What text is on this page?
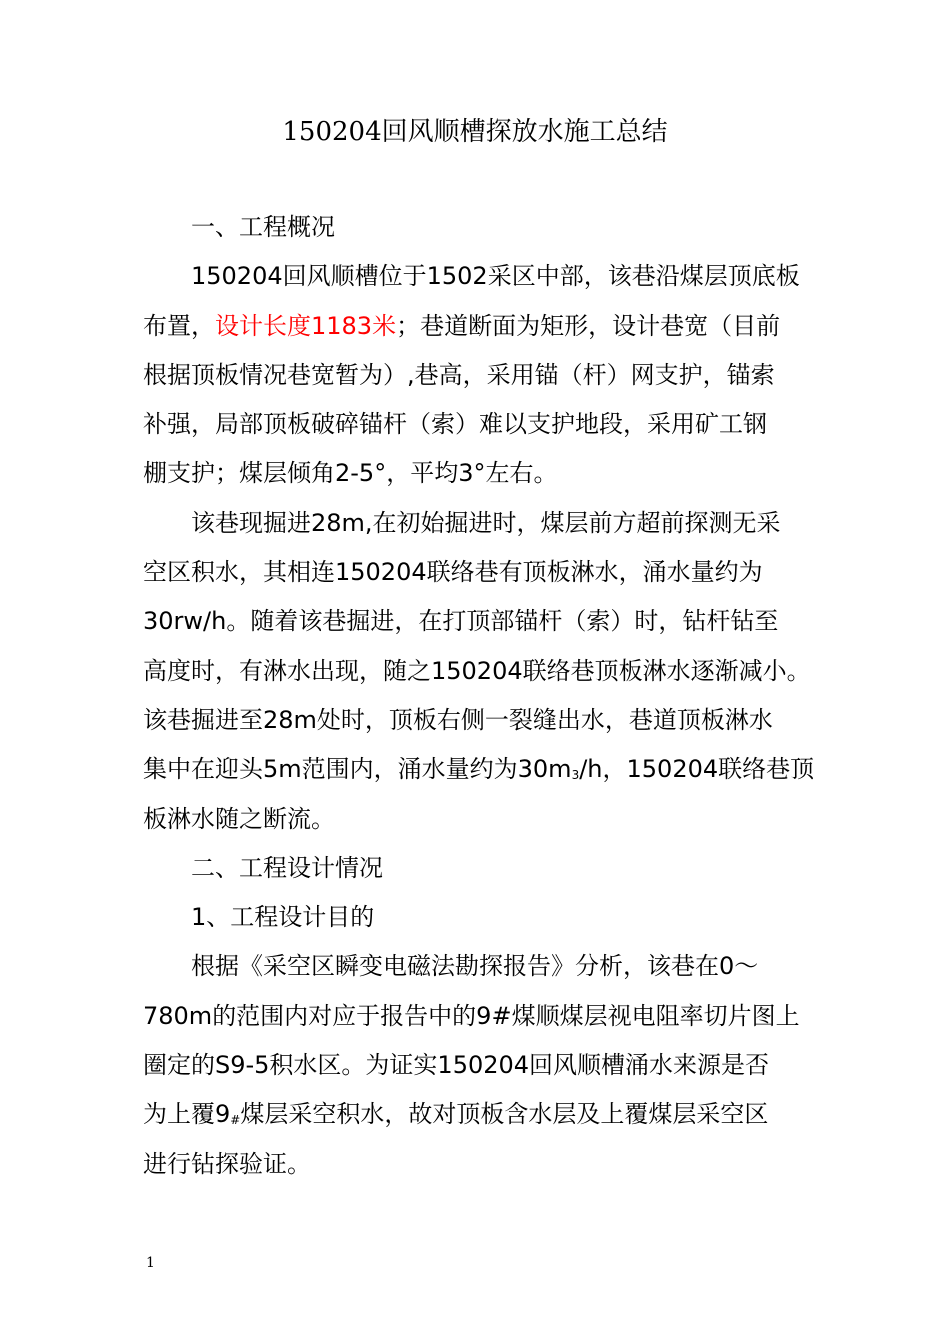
150204回风顺槽探放水施工总结
一、工程概况
150204回风顺槽位于1502采区中部，该巷沿煤层顶底板
布置，设计长度1183米；巷道断面为矩形，设计巷宽（目前
根据顶板情况巷宽暂为）,巷高，采用锚（杆）网支护，锚索
补强，局部顶板破碎锚杆（索）难以支护地段，采用矿工钢
棚支护；煤层倾角2-5°，平均3°左右。
该巷现掘进28m,在初始掘进时，煤层前方超前探测无采
空区积水，其相连150204联络巷有顶板淋水，涌水量约为
30rw/h。随着该巷掘进，在打顶部锚杆（索）时，钻杆钻至
高度时，有淋水出现，随之150204联络巷顶板淋水逐渐减小。
该巷掘进至28m处时，顶板右侧一裂缝出水，巷道顶板淋水
集中在迎头5m范围内，涌水量约为30m3/h，150204联络巷顶
板淋水随之断流。
二、工程设计情况
1、工程设计目的
根据《采空区瞬变电磁法勘探报告》分析，该巷在0～
780m的范围内对应于报告中的9#煤顺煤层视电阻率切片图上
圈定的S9-5积水区。为证实150204回风顺槽涌水来源是否
为上覆9#煤层采空积水，故对顶板含水层及上覆煤层采空区
进行钻探验证。
1
